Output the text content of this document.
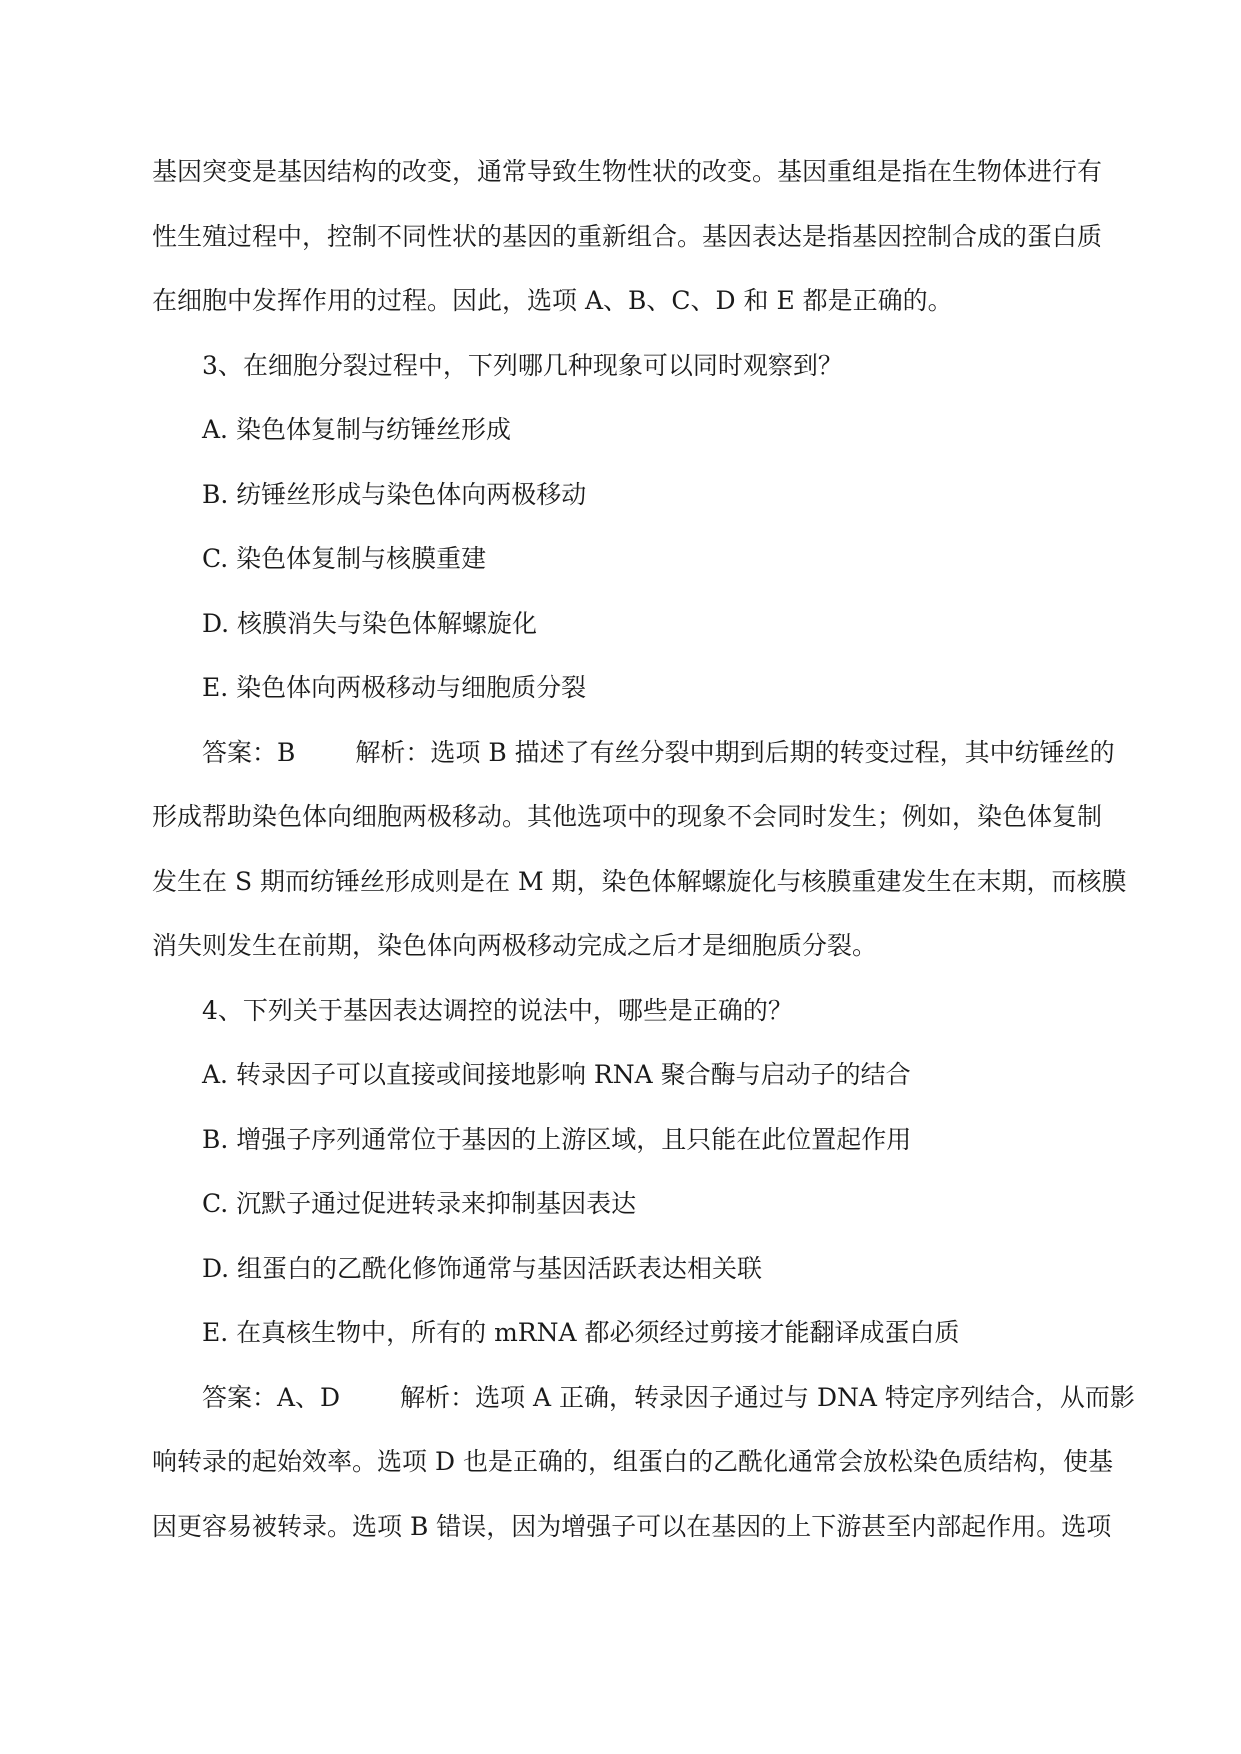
基因突变是基因结构的改变，通常导致生物性状的改变。基因重组是指在生物体进行有

性生殖过程中，控制不同性状的基因的重新组合。基因表达是指基因控制合成的蛋白质

在细胞中发挥作用的过程。因此，选项 A、B、C、D 和 E 都是正确的。

3、在细胞分裂过程中，下列哪几种现象可以同时观察到？

A. 染色体复制与纺锤丝形成

B. 纺锤丝形成与染色体向两极移动

C. 染色体复制与核膜重建

D. 核膜消失与染色体解螺旋化

E. 染色体向两极移动与细胞质分裂

答案：B 解析：选项 B 描述了有丝分裂中期到后期的转变过程，其中纺锤丝的

形成帮助染色体向细胞两极移动。其他选项中的现象不会同时发生；例如，染色体复制

发生在 S 期而纺锤丝形成则是在 M 期，染色体解螺旋化与核膜重建发生在末期，而核膜

消失则发生在前期，染色体向两极移动完成之后才是细胞质分裂。

4、下列关于基因表达调控的说法中，哪些是正确的？

A. 转录因子可以直接或间接地影响 RNA 聚合酶与启动子的结合

B. 增强子序列通常位于基因的上游区域，且只能在此位置起作用

C. 沉默子通过促进转录来抑制基因表达

D. 组蛋白的乙酰化修饰通常与基因活跃表达相关联

E. 在真核生物中，所有的 mRNA 都必须经过剪接才能翻译成蛋白质

答案：A、D 解析：选项 A 正确，转录因子通过与 DNA 特定序列结合，从而影

响转录的起始效率。选项 D 也是正确的，组蛋白的乙酰化通常会放松染色质结构，使基

因更容易被转录。选项 B 错误，因为增强子可以在基因的上下游甚至内部起作用。选项
